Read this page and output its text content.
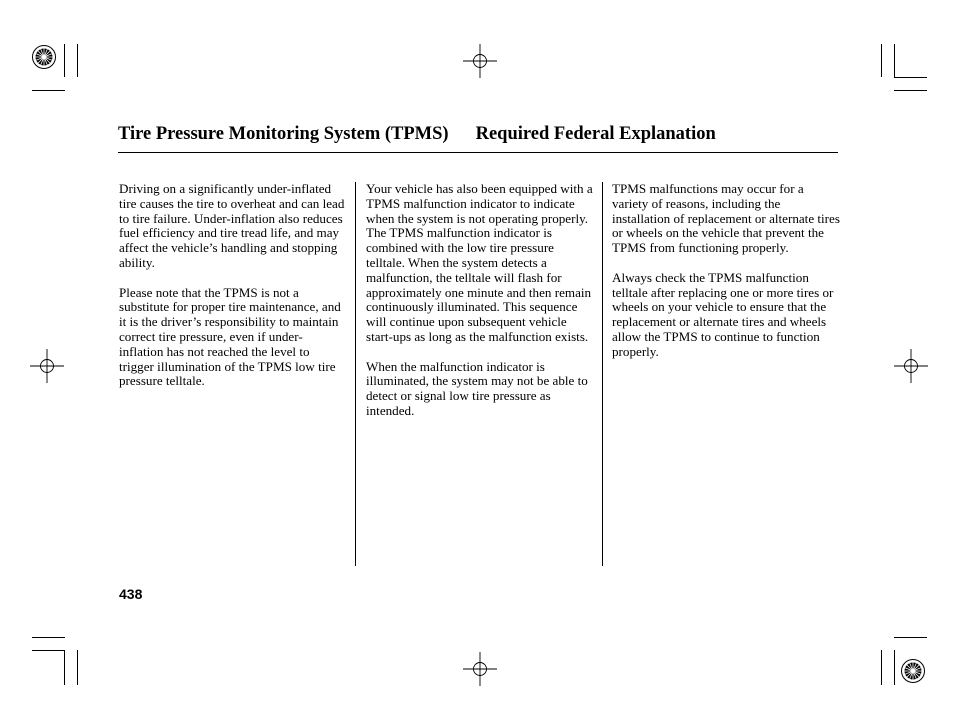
Tire Pressure Monitoring System (TPMS) Required Federal Explanation

Driving on a significantly under-inflated tire causes the tire to overheat and can lead to tire failure. Under-inflation also reduces fuel efficiency and tire tread life, and may affect the vehicle’s handling and stopping ability.

Please note that the TPMS is not a substitute for proper tire maintenance, and it is the driver’s responsibility to maintain correct tire pressure, even if under-inflation has not reached the level to trigger illumination of the TPMS low tire pressure telltale.

Your vehicle has also been equipped with a TPMS malfunction indicator to indicate when the system is not operating properly. The TPMS malfunction indicator is combined with the low tire pressure telltale. When the system detects a malfunction, the telltale will flash for approximately one minute and then remain continuously illuminated. This sequence will continue upon subsequent vehicle start-ups as long as the malfunction exists.

When the malfunction indicator is illuminated, the system may not be able to detect or signal low tire pressure as intended.

TPMS malfunctions may occur for a variety of reasons, including the installation of replacement or alternate tires or wheels on the vehicle that prevent the TPMS from functioning properly.

Always check the TPMS malfunction telltale after replacing one or more tires or wheels on your vehicle to ensure that the replacement or alternate tires and wheels allow the TPMS to continue to function properly.

438
